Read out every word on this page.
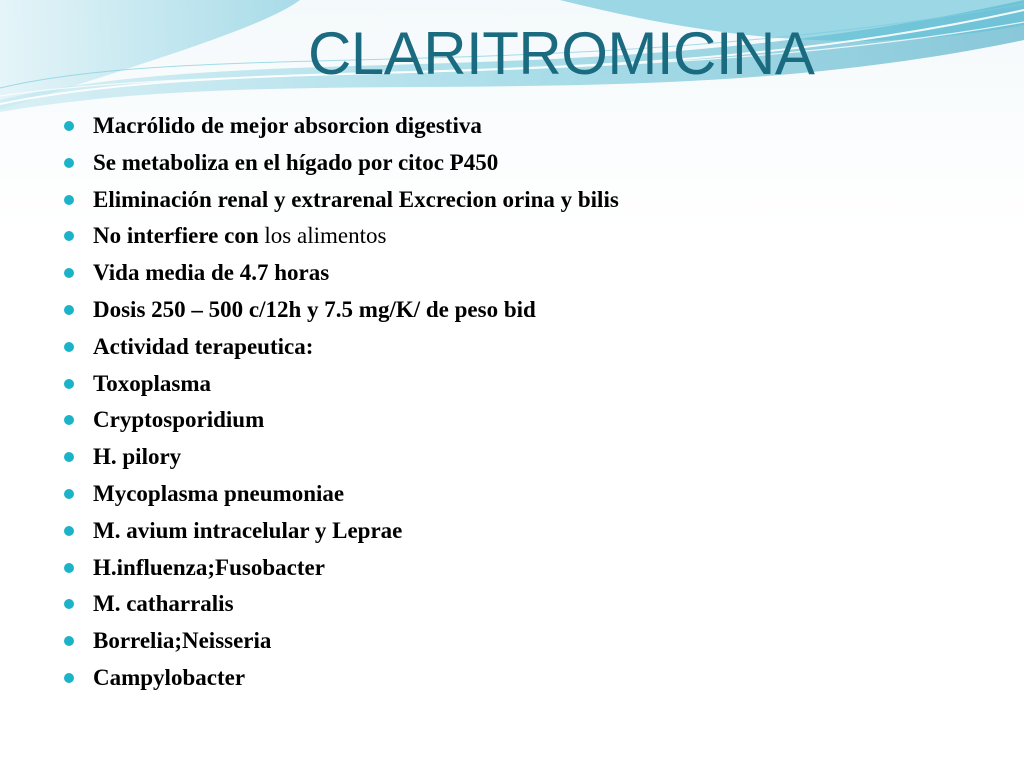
CLARITROMICINA
Macrólido de mejor absorcion digestiva
Se metaboliza en el hígado por citoc P450
Eliminación renal y extrarenal Excrecion orina y bilis
No interfiere con los alimentos
Vida media de 4.7 horas
Dosis 250 – 500 c/12h y 7.5 mg/K/ de peso bid
Actividad terapeutica:
Toxoplasma
Cryptosporidium
H. pilory
Mycoplasma pneumoniae
M. avium intracelular y Leprae
H.influenza;Fusobacter
M. catharralis
Borrelia;Neisseria
Campylobacter
